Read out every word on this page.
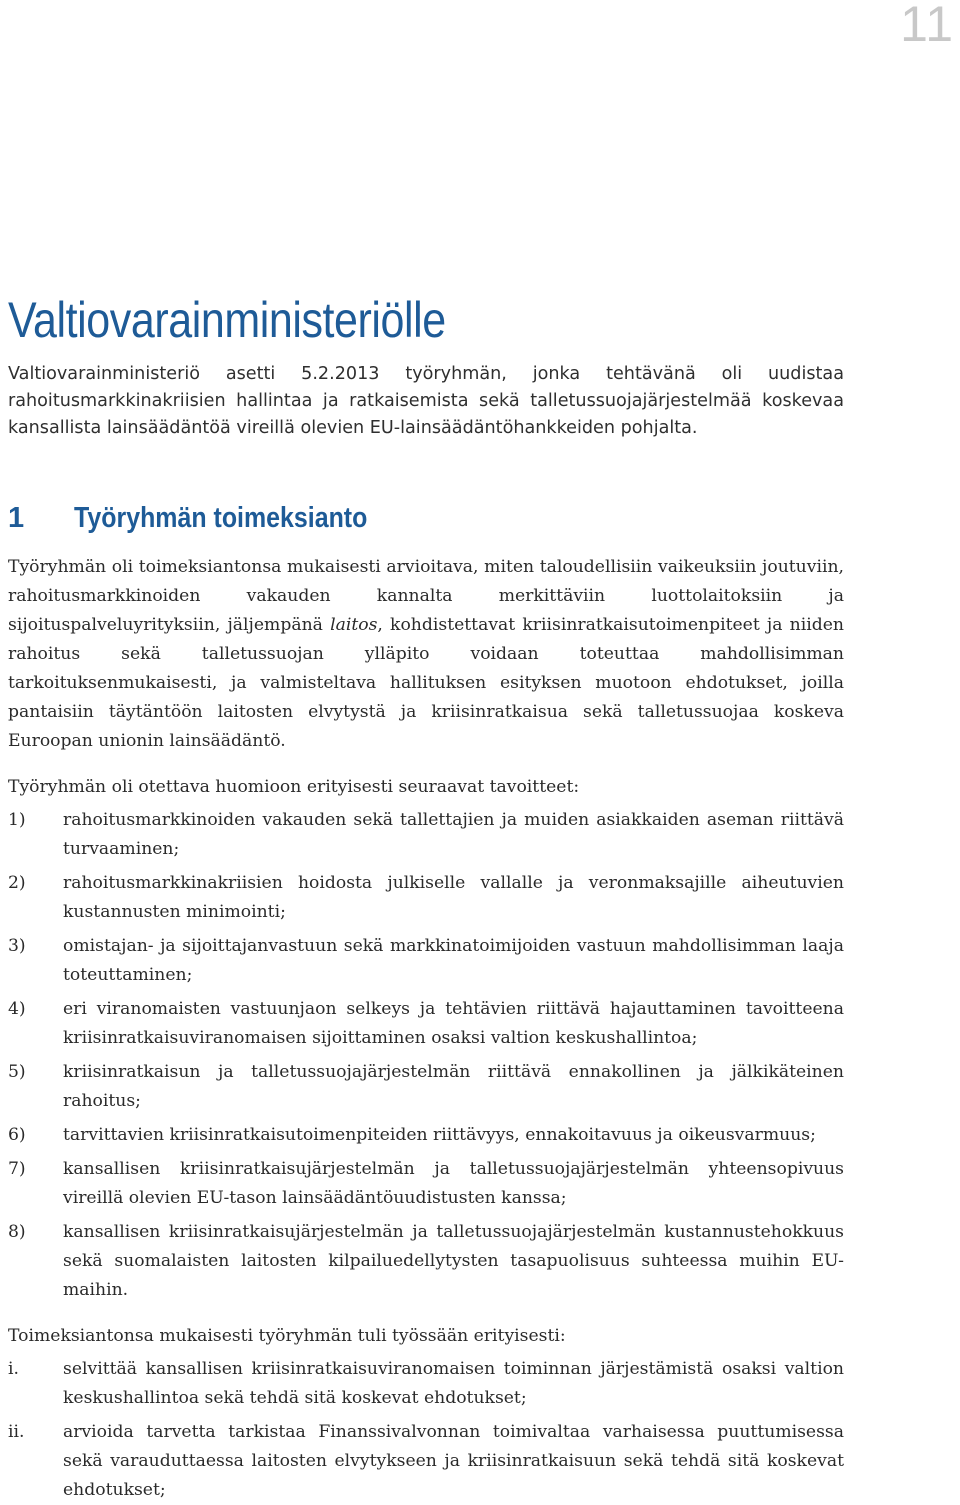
11
Valtiovarainministeriölle

Valtiovarainministeriö asetti 5.2.2013 työryhmän, jonka tehtävänä oli uudistaa rahoitusmarkkinakriisien hallintaa ja ratkaisemista sekä talletussuojajärjestelmää koskevaa kansallista lainsäädäntöä vireillä olevien EU-lainsäädäntöhankkeiden pohjalta.

1	Työryhmän toimeksianto

Työryhmän oli toimeksiantonsa mukaisesti arvioitava, miten taloudellisiin vaikeuksiin joutuviin, rahoitusmarkkinoiden vakauden kannalta merkittäviin luottolaitoksiin ja sijoituspalveluyrityksiin, jäljempänä laitos, kohdistettavat kriisinratkaisutoimenpiteet ja niiden rahoitus sekä talletussuojan ylläpito voidaan toteuttaa mahdollisimman tarkoituksenmukaisesti, ja valmisteltava hallituksen esityksen muotoon ehdotukset, joilla pantaisiin täytäntöön laitosten elvytystä ja kriisinratkaisua sekä talletussuojaa koskeva Euroopan unionin lainsäädäntö.

Työryhmän oli otettava huomioon erityisesti seuraavat tavoitteet:

1)	rahoitusmarkkinoiden vakauden sekä tallettajien ja muiden asiakkaiden aseman riittävä turvaaminen;
2)	rahoitusmarkkinakriisien hoidosta julkiselle vallalle ja veronmaksajille aiheutuvien kustannusten minimointi;
3)	omistajan- ja sijoittajanvastuun sekä markkinatoimijoiden vastuun mahdollisimman laaja toteuttaminen;
4)	eri viranomaisten vastuunjaon selkeys ja tehtävien riittävä hajauttaminen tavoitteena kriisinratkaisuviranomaisen sijoittaminen osaksi valtion keskushallintoa;
5)	kriisinratkaisun ja talletussuojajärjestelmän riittävä ennakollinen ja jälkikäteinen rahoitus;
6)	tarvittavien kriisinratkaisutoimenpiteiden riittävyys, ennakoitavuus ja oikeusvarmuus;
7)	kansallisen kriisinratkaisujärjestelmän ja talletussuojajärjestelmän yhteensopivuus vireillä olevien EU-tason lainsäädäntöuudistusten kanssa;
8)	kansallisen kriisinratkaisujärjestelmän ja talletussuojajärjestelmän kustannustehokkuus sekä suomalaisten laitosten kilpailuedellytysten tasapuolisuus suhteessa muihin EU-maihin.

Toimeksiantonsa mukaisesti työryhmän tuli työssään erityisesti:

i.	selvittää kansallisen kriisinratkaisuviranomaisen toiminnan järjestämistä osaksi valtion keskushallintoa sekä tehdä sitä koskevat ehdotukset;
ii.	arvioida tarvetta tarkistaa Finanssivalvonnan toimivaltaa varhaisessa puuttumisessa sekä varauduttaessa laitosten elvytykseen ja kriisinratkaisuun sekä tehdä sitä koskevat ehdotukset;
